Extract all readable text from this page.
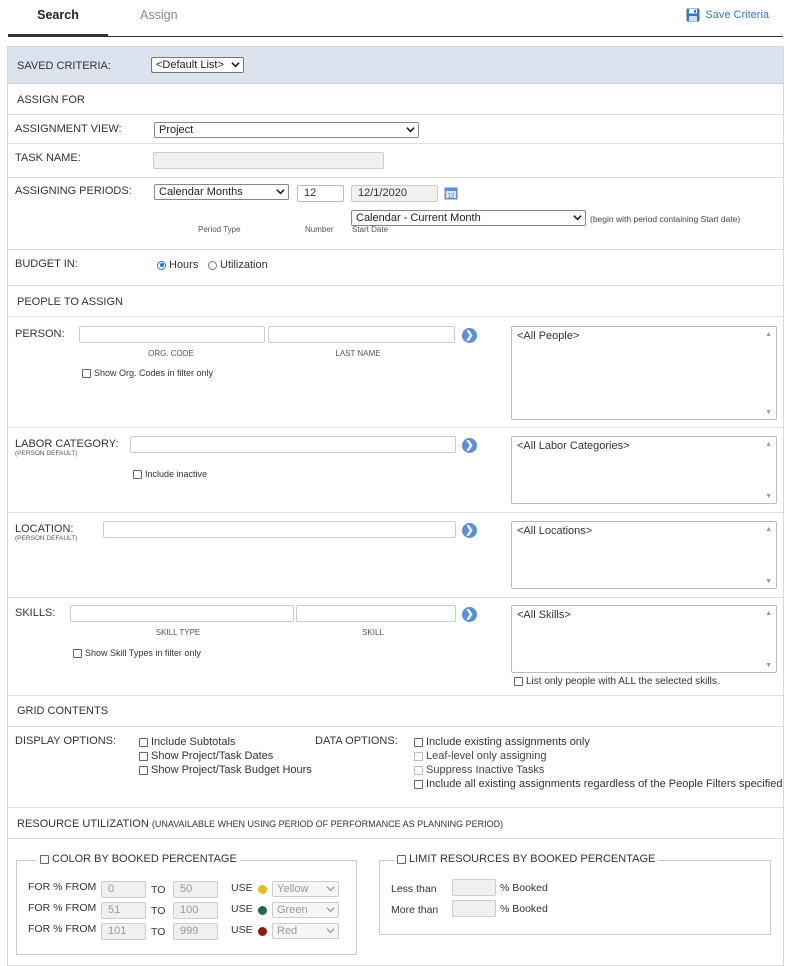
Search	Assign	Save Criteria
SAVED CRITERIA:	<Default List>
ASSIGN FOR
ASSIGNMENT VIEW:	Project
TASK NAME:
ASSIGNING PERIODS:	Calendar Months	12	12/1/2020	12
Calendar - Current Month	(begin with period containing Start date)
Period Type	Number Start Date
BUDGET IN:	Hours Utilization
PEOPLE TO ASSIGN
PERSON:	❯
ORG. CODE	LAST NAME
Show Org. Codes in filter only
<All People>	▲
▼
LABOR CATEGORY:
(PERSON DEFAULT)
❯
Include inactive
<All Labor Categories>	▲
▼
LOCATION:
(PERSON DEFAULT)
❯	<All Locations>	▲
▼
SKILLS:	❯
SKILL TYPE	SKILL
Show Skill Types in filter only
<All Skills>	▲
▼
List only people with ALL the selected skills.
GRID CONTENTS
DISPLAY OPTIONS:	Include Subtotals
Show Project/Task Dates
Show Project/Task Budget Hours
DATA OPTIONS:	Include existing assignments only
Leaf-level only assigning
Suppress Inactive Tasks
Include all existing assignments regardless of the People Filters specified
RESOURCE UTILIZATION (UNAVAILABLE WHEN USING PERIOD OF PERFORMANCE AS PLANNING PERIOD)
COLOR BY BOOKED PERCENTAGE	LIMIT RESOURCES BY BOOKED PERCENTAGE
Less than	% Booked
More than	% Booked
FOR % FROM	0	TO	50	USE	Yellow
FOR % FROM	51	TO	100	USE	Green
FOR % FROM	101	TO	999	USE	Red
